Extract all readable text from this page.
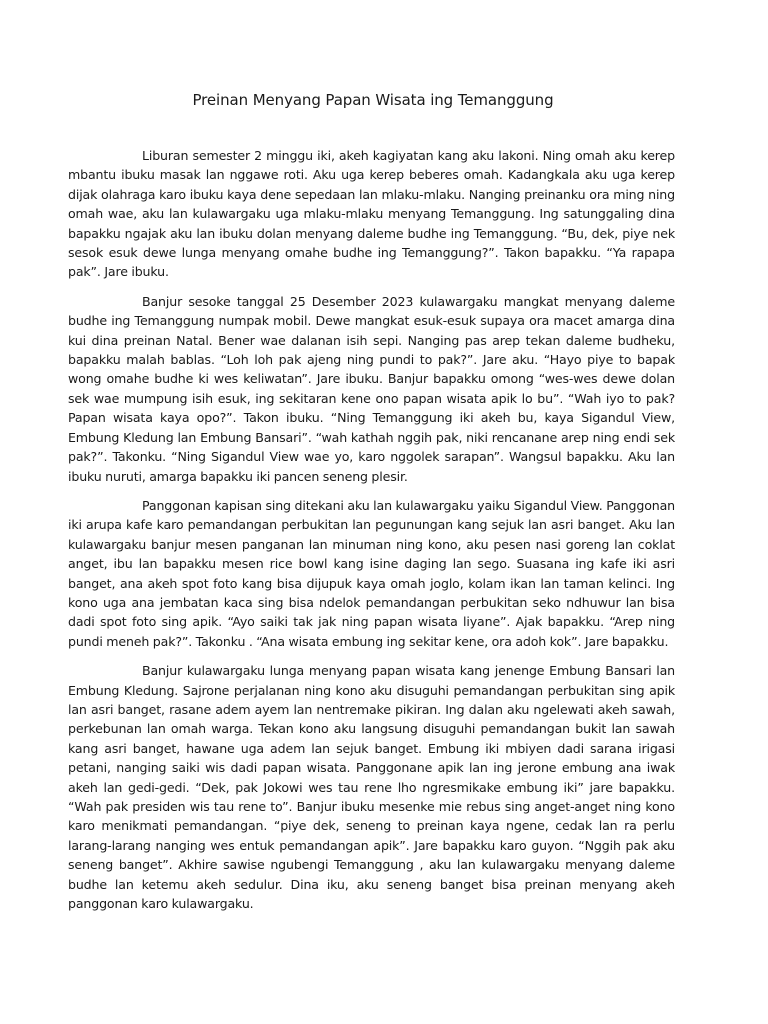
Preinan Menyang Papan Wisata ing Temanggung

Liburan semester 2 minggu iki, akeh kagiyatan kang aku lakoni. Ning omah aku kerep mbantu ibuku masak lan nggawe roti. Aku uga kerep beberes omah. Kadangkala aku uga kerep dijak olahraga karo ibuku kaya dene sepedaan lan mlaku-mlaku. Nanging preinanku ora ming ning omah wae, aku lan kulawargaku uga mlaku-mlaku menyang Temanggung. Ing satunggaling dina bapakku ngajak aku lan ibuku dolan menyang daleme budhe ing Temanggung. “Bu, dek, piye nek sesok esuk dewe lunga menyang omahe budhe ing Temanggung?”. Takon bapakku. “Ya rapapa pak”. Jare ibuku.

Banjur sesoke tanggal 25 Desember 2023 kulawargaku mangkat menyang daleme budhe ing Temanggung numpak mobil. Dewe mangkat esuk-esuk supaya ora macet amarga dina kui dina preinan Natal. Bener wae dalanan isih sepi. Nanging pas arep tekan daleme budheku, bapakku malah bablas. “Loh loh pak ajeng ning pundi to pak?”. Jare aku. “Hayo piye to bapak wong omahe budhe ki wes keliwatan”. Jare ibuku. Banjur bapakku omong “wes-wes dewe dolan sek wae mumpung isih esuk, ing sekitaran kene ono papan wisata apik lo bu”. “Wah iyo to pak? Papan wisata kaya opo?”. Takon ibuku. “Ning Temanggung iki akeh bu, kaya Sigandul View, Embung Kledung lan Embung Bansari”. “wah kathah nggih pak, niki rencanane arep ning endi sek pak?”. Takonku. “Ning Sigandul View wae yo, karo nggolek sarapan”. Wangsul bapakku. Aku lan ibuku nuruti, amarga bapakku iki pancen seneng plesir.

Panggonan kapisan sing ditekani aku lan kulawargaku yaiku Sigandul View. Panggonan iki arupa kafe karo pemandangan perbukitan lan pegunungan kang sejuk lan asri banget. Aku lan kulawargaku banjur mesen panganan lan minuman ning kono, aku pesen nasi goreng lan coklat anget, ibu lan bapakku mesen rice bowl kang isine daging lan sego. Suasana ing kafe iki asri banget, ana akeh spot foto kang bisa dijupuk kaya omah joglo, kolam ikan lan taman kelinci. Ing kono uga ana jembatan kaca sing bisa ndelok pemandangan perbukitan seko ndhuwur lan bisa dadi spot foto sing apik. “Ayo saiki tak jak ning papan wisata liyane”. Ajak bapakku. “Arep ning pundi meneh pak?”. Takonku . “Ana wisata embung ing sekitar kene, ora adoh kok”. Jare bapakku.

Banjur kulawargaku lunga menyang papan wisata kang jenenge Embung Bansari lan Embung Kledung. Sajrone perjalanan ning kono aku disuguhi pemandangan perbukitan sing apik lan asri banget, rasane adem ayem lan nentremake pikiran. Ing dalan aku ngelewati akeh sawah, perkebunan lan omah warga. Tekan kono aku langsung disuguhi pemandangan bukit lan sawah kang asri banget, hawane uga adem lan sejuk banget. Embung iki mbiyen dadi sarana irigasi petani, nanging saiki wis dadi papan wisata. Panggonane apik lan ing jerone embung ana iwak akeh lan gedi-gedi. “Dek, pak Jokowi wes tau rene lho ngresmikake embung iki” jare bapakku. “Wah pak presiden wis tau rene to”. Banjur ibuku mesenke mie rebus sing anget-anget ning kono karo menikmati pemandangan. “piye dek, seneng to preinan kaya ngene, cedak lan ra perlu larang-larang nanging wes entuk pemandangan apik”. Jare bapakku karo guyon. “Nggih pak aku seneng banget”. Akhire sawise ngubengi Temanggung , aku lan kulawargaku menyang daleme budhe lan ketemu akeh sedulur. Dina iku, aku seneng banget bisa preinan menyang akeh panggonan karo kulawargaku.
